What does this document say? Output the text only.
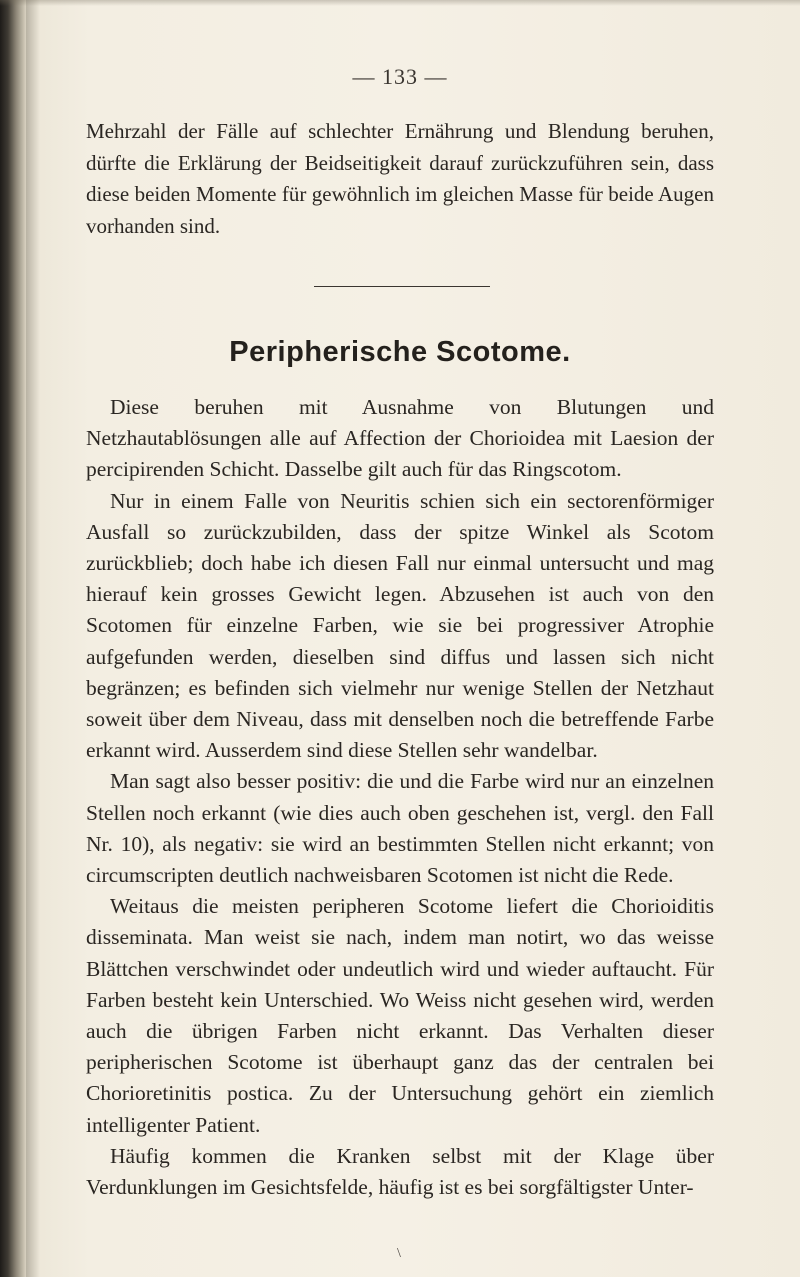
— 133 —

Mehrzahl der Fälle auf schlechter Ernährung und Blendung beruhen, dürfte die Erklärung der Beidseitigkeit darauf zurückzuführen sein, dass diese beiden Momente für gewöhnlich im gleichen Masse für beide Augen vorhanden sind.

Peripherische Scotome.

Diese beruhen mit Ausnahme von Blutungen und Netzhautablösungen alle auf Affection der Chorioidea mit Laesion der percipirenden Schicht. Dasselbe gilt auch für das Ringscotom.

Nur in einem Falle von Neuritis schien sich ein sectorenförmiger Ausfall so zurückzubilden, dass der spitze Winkel als Scotom zurückblieb; doch habe ich diesen Fall nur einmal untersucht und mag hierauf kein grosses Gewicht legen. Abzusehen ist auch von den Scotomen für einzelne Farben, wie sie bei progressiver Atrophie aufgefunden werden, dieselben sind diffus und lassen sich nicht begränzen; es befinden sich vielmehr nur wenige Stellen der Netzhaut soweit über dem Niveau, dass mit denselben noch die betreffende Farbe erkannt wird. Ausserdem sind diese Stellen sehr wandelbar.

Man sagt also besser positiv: die und die Farbe wird nur an einzelnen Stellen noch erkannt (wie dies auch oben geschehen ist, vergl. den Fall Nr. 10), als negativ: sie wird an bestimmten Stellen nicht erkannt; von circumscripten deutlich nachweisbaren Scotomen ist nicht die Rede.

Weitaus die meisten peripheren Scotome liefert die Chorioiditis disseminata. Man weist sie nach, indem man notirt, wo das weisse Blättchen verschwindet oder undeutlich wird und wieder auftaucht. Für Farben besteht kein Unterschied. Wo Weiss nicht gesehen wird, werden auch die übrigen Farben nicht erkannt. Das Verhalten dieser peripherischen Scotome ist überhaupt ganz das der centralen bei Chorioretinitis postica. Zu der Untersuchung gehört ein ziemlich intelligenter Patient.

Häufig kommen die Kranken selbst mit der Klage über Verdunklungen im Gesichtsfelde, häufig ist es bei sorgfältigster Unter-

\
